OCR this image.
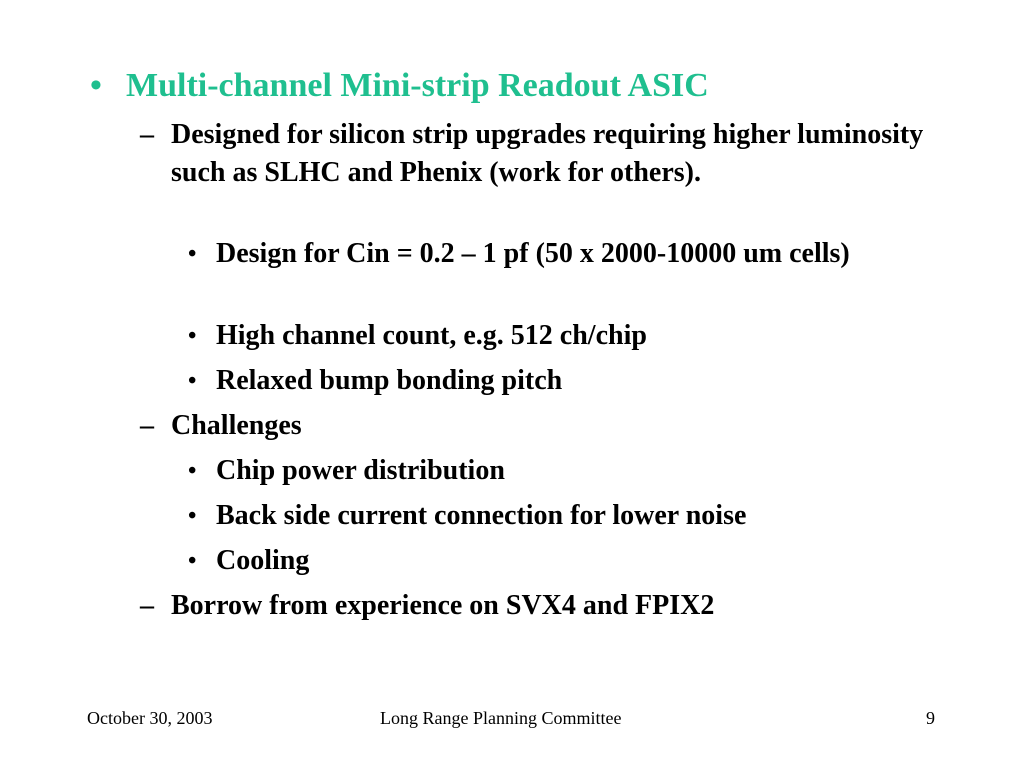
• Multi-channel Mini-strip Readout ASIC
– Designed for silicon strip upgrades requiring higher luminosity such as SLHC and Phenix (work for others).
• Design for Cin = 0.2 – 1 pf (50 x 2000-10000 um cells)
• High channel count, e.g. 512 ch/chip
• Relaxed bump bonding pitch
– Challenges
• Chip power distribution
• Back side current connection for lower noise
• Cooling
– Borrow from experience on SVX4 and FPIX2
October 30, 2003	Long Range Planning Committee	9
